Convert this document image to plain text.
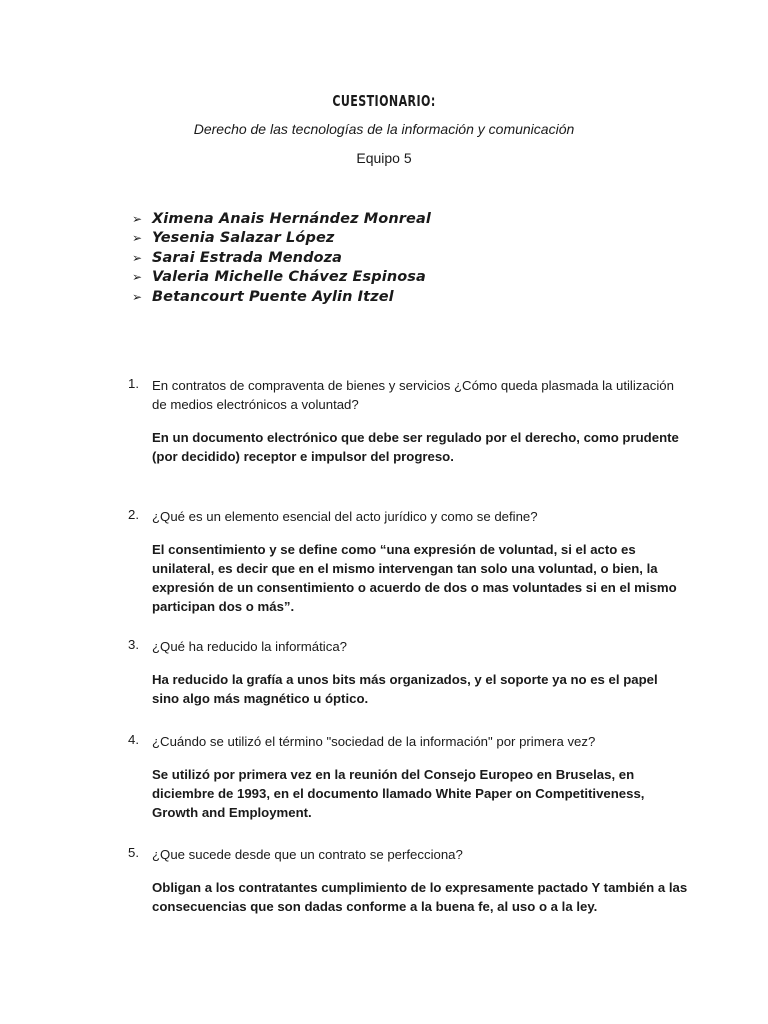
CUESTIONARIO:
Derecho de las tecnologías de la información y comunicación
Equipo 5
➢ Ximena Anais Hernández Monreal
➢ Yesenia Salazar López
➢ Sarai Estrada Mendoza
➢ Valeria Michelle Chávez Espinosa
➢ Betancourt Puente Aylin Itzel
1. En contratos de compraventa de bienes y servicios ¿Cómo queda plasmada la utilización de medios electrónicos a voluntad?
En un documento electrónico que debe ser regulado por el derecho, como prudente (por decidido) receptor e impulsor del progreso.
2. ¿Qué es un elemento esencial del acto jurídico y como se define?
El consentimiento y se define como “una expresión de voluntad, si el acto es unilateral, es decir que en el mismo intervengan tan solo una voluntad, o bien, la expresión de un consentimiento o acuerdo de dos o mas voluntades si en el mismo participan dos o más”.
3. ¿Qué ha reducido la informática?
Ha reducido la grafía a unos bits más organizados, y el soporte ya no es el papel sino algo más magnético u óptico.
4. ¿Cuándo se utilizó el término "sociedad de la información" por primera vez?
Se utilizó por primera vez en la reunión del Consejo Europeo en Bruselas, en diciembre de 1993, en el documento llamado White Paper on Competitiveness, Growth and Employment.
5. ¿Que sucede desde que un contrato se perfecciona?
Obligan a los contratantes cumplimiento de lo expresamente pactado Y también a las consecuencias que son dadas conforme a la buena fe, al uso o a la ley.
